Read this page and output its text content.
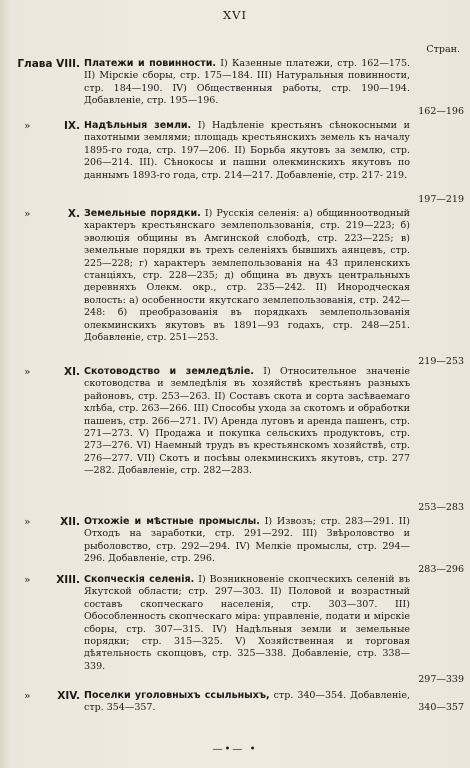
XVI
Стран.
Глава VIII. Платежи и повинности. I) Казенные платежи, стр. 162—175. II) Мірскіе сборы, стр. 175—184. III) Натуральныя повинности, стр. 184—190. IV) Общественныя работы, стр. 190—194. Добавленіе, стр. 195—196.
162—196
»	IX. Надѣльныя земли. I) Надѣленіе крестьянъ сѣнокосными и пахотными землями; площадь крестьянскихъ земель къ началу 1895-го года, стр. 197—206. II) Борьба якутовъ за землю, стр. 206—214. III). Сѣнокосы и пашни олекминскихъ якутовъ по даннымъ 1893-го года, стр. 214—217. Добавленіе, стр. 217- 219.
197—219
»	X. Земельные порядки. I) Русскія селенія: а) общинноотводный характеръ крестьянскаго землепользованія, стр. 219—223; б) эволюція общины въ Амгинской слободѣ, стр. 223—225; в) земельные порядки въ трехъ селеніяхъ бывшихъ аянцевъ, стр. 225—228; г) характеръ землепользованія на 43 приленскихъ станціяхъ, стр. 228—235; д) община въ двухъ центральныхъ деревняхъ Олекм. окр., стр. 235—242. II) Инородческая волость: а) особенности якутскаго землепользованія, стр. 242—248: б) преобразованія въ порядкахъ землепользованія олекминскихъ якутовъ въ 1891—93 годахъ, стр. 248—251. Добавленіе, стр. 251—253.
219—253
»	XI. Скотоводство и земледѣліе. I) Относительное значеніе скотоводства и земледѣлія въ хозяйствѣ крестьянъ разныхъ районовъ, стр. 253—263. II) Составъ скота и сорта засѣваемаго хлѣба, стр. 263—266. III) Способы ухода за скотомъ и обработки пашенъ, стр. 266—271. IV) Аренда луговъ и аренда пашенъ, стр. 271—273. V) Продажа и покупка сельскихъ продуктовъ, стр. 273—276. VI) Наемный трудъ въ крестьянскомъ хозяйствѣ, стр. 276—277. VII) Скотъ и посѣвы олекминскихъ якутовъ, стр. 277—282. Добавленіе, стр. 282—283.
253—283
»	XII. Отхожіе и мѣстные промыслы. I) Извозъ; стр. 283—291. II) Отходъ на заработки, стр. 291—292. III) Звѣроловство и рыболовство, стр. 292—294. IV) Мелкіе промыслы, стр. 294—296. Добавленіе, стр. 296.
283—296
»	XIII. Скопческія селенія. I) Возникновеніе скопческихъ селеній въ Якутской области; стр. 297—303. II) Половой и возрастный составъ скопческаго населенія, стр. 303—307. III) Обособленность скопческаго міра: управленіе, подати и мірскіе сборы, стр. 307—315. IV) Надѣльныя земли и земельные порядки; стр. 315—325. V) Хозяйственная и торговая дѣятельность скопцовъ, стр. 325—338. Добавленіе, стр. 338—339.
297—339
»	XIV. Поселки уголовныхъ ссыльныхъ, стр. 340—354. Добавленіе, стр. 354—357.	340—357
—•— •
